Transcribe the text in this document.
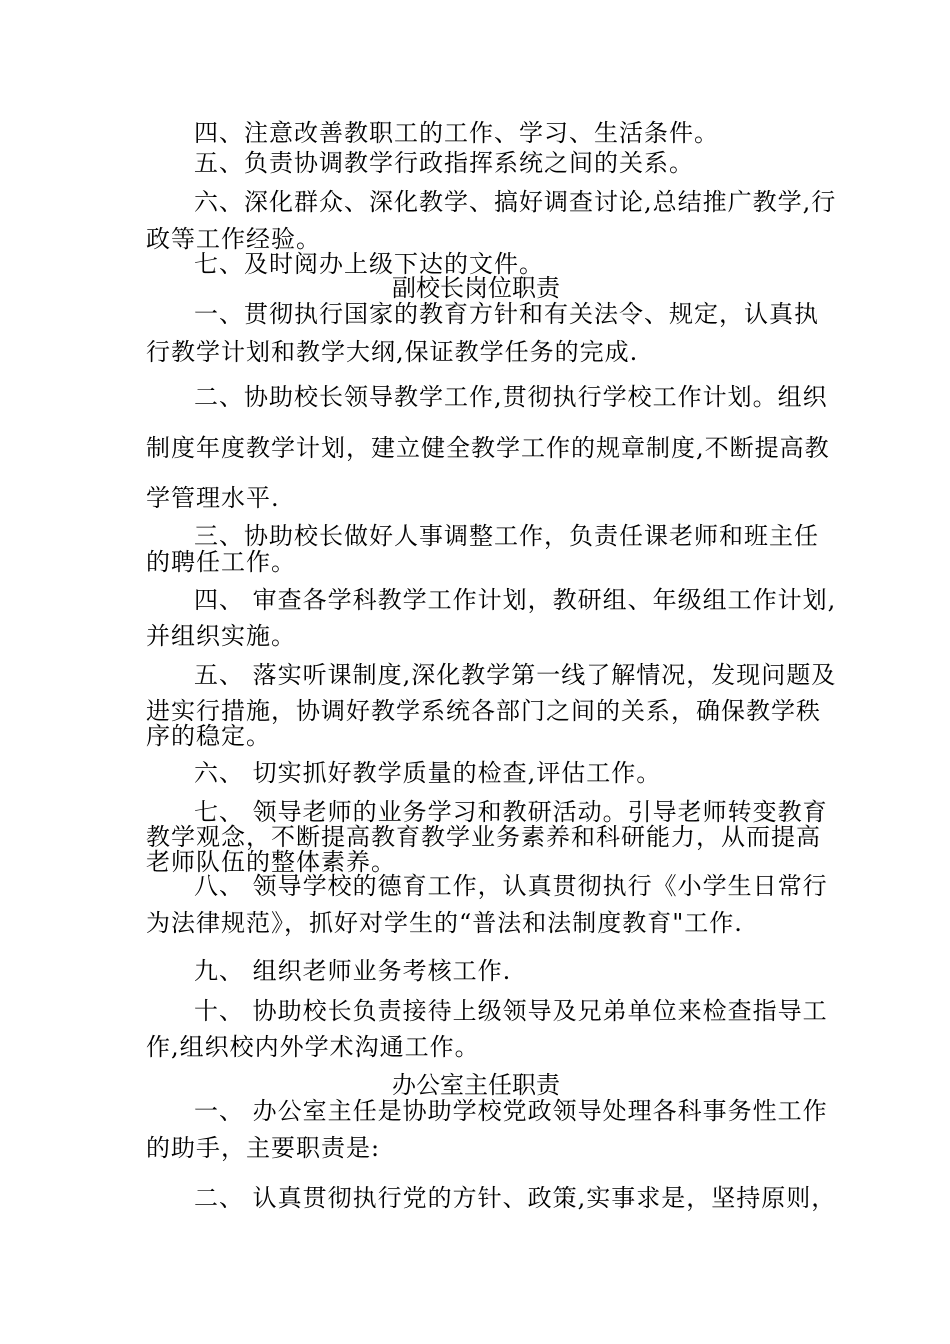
四、注意改善教职工的工作、学习、生活条件。
五、负责协调教学行政指挥系统之间的关系。
六、深化群众、深化教学、搞好调查讨论,总结推广教学,行
政等工作经验。
七、及时阅办上级下达的文件。
副校长岗位职责
一、贯彻执行国家的教育方针和有关法令、规定，认真执
行教学计划和教学大纲,保证教学任务的完成.
二、协助校长领导教学工作,贯彻执行学校工作计划。组织
制度年度教学计划，建立健全教学工作的规章制度,不断提高教
学管理水平.
三、协助校长做好人事调整工作，负责任课老师和班主任
的聘任工作。
四、 审查各学科教学工作计划，教研组、年级组工作计划,
并组织实施。
五、 落实听课制度,深化教学第一线了解情况，发现问题及
进实行措施，协调好教学系统各部门之间的关系，确保教学秩
序的稳定。
六、 切实抓好教学质量的检查,评估工作。
七、 领导老师的业务学习和教研活动。引导老师转变教育
教学观念，不断提高教育教学业务素养和科研能力，从而提高
老师队伍的整体素养。
八、 领导学校的德育工作，认真贯彻执行《小学生日常行
为法律规范》，抓好对学生的“普法和法制度教育"工作.
九、 组织老师业务考核工作.
十、 协助校长负责接待上级领导及兄弟单位来检查指导工
作,组织校内外学术沟通工作。
办公室主任职责
一、 办公室主任是协助学校党政领导处理各科事务性工作
的助手，主要职责是:
二、 认真贯彻执行党的方针、政策,实事求是，坚持原则，
